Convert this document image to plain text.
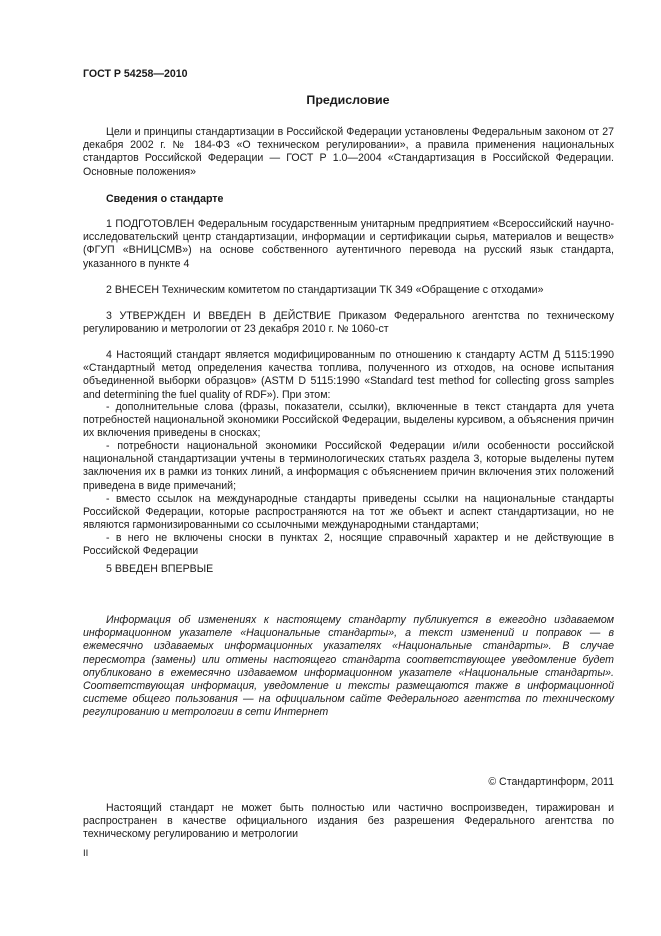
ГОСТ Р 54258—2010
Предисловие

Цели и принципы стандартизации в Российской Федерации установлены Федеральным законом от 27 декабря 2002 г. № 184-ФЗ «О техническом регулировании», а правила применения национальных стандартов Российской Федерации — ГОСТ Р 1.0—2004 «Стандартизация в Российской Федерации. Основные положения»

Сведения о стандарте

1 ПОДГОТОВЛЕН Федеральным государственным унитарным предприятием «Всероссийский научно-исследовательский центр стандартизации, информации и сертификации сырья, материалов и веществ» (ФГУП «ВНИЦСМВ») на основе собственного аутентичного перевода на русский язык стандарта, указанного в пункте 4

2 ВНЕСЕН Техническим комитетом по стандартизации ТК 349 «Обращение с отходами»

3 УТВЕРЖДЕН И ВВЕДЕН В ДЕЙСТВИЕ Приказом Федерального агентства по техническому регулированию и метрологии от 23 декабря 2010 г. № 1060-ст

4 Настоящий стандарт является модифицированным по отношению к стандарту АСТМ Д 5115:1990 «Стандартный метод определения качества топлива, полученного из отходов, на основе испытания объединенной выборки образцов» (ASTM D 5115:1990 «Standard test method for collecting gross samples and determining the fuel quality of RDF»). При этом:

- дополнительные слова (фразы, показатели, ссылки), включенные в текст стандарта для учета потребностей национальной экономики Российской Федерации, выделены курсивом, а объяснения причин их включения приведены в сносках;

- потребности национальной экономики Российской Федерации и/или особенности российской национальной стандартизации учтены в терминологических статьях раздела 3, которые выделены путем заключения их в рамки из тонких линий, а информация с объяснением причин включения этих положений приведена в виде примечаний;

- вместо ссылок на международные стандарты приведены ссылки на национальные стандарты Российской Федерации, которые распространяются на тот же объект и аспект стандартизации, но не являются гармонизированными со ссылочными международными стандартами;

- в него не включены сноски в пунктах 2, носящие справочный характер и не действующие в Российской Федерации

5 ВВЕДЕН ВПЕРВЫЕ

Информация об изменениях к настоящему стандарту публикуется в ежегодно издаваемом информационном указателе «Национальные стандарты», а текст изменений и поправок — в ежемесячно издаваемых информационных указателях «Национальные стандарты». В случае пересмотра (замены) или отмены настоящего стандарта соответствующее уведомление будет опубликовано в ежемесячно издаваемом информационном указателе «Национальные стандарты». Соответствующая информация, уведомление и тексты размещаются также в информационной системе общего пользования — на официальном сайте Федерального агентства по техническому регулированию и метрологии в сети Интернет

© Стандартинформ, 2011

Настоящий стандарт не может быть полностью или частично воспроизведен, тиражирован и распространен в качестве официального издания без разрешения Федерального агентства по техническому регулированию и метрологии

II
